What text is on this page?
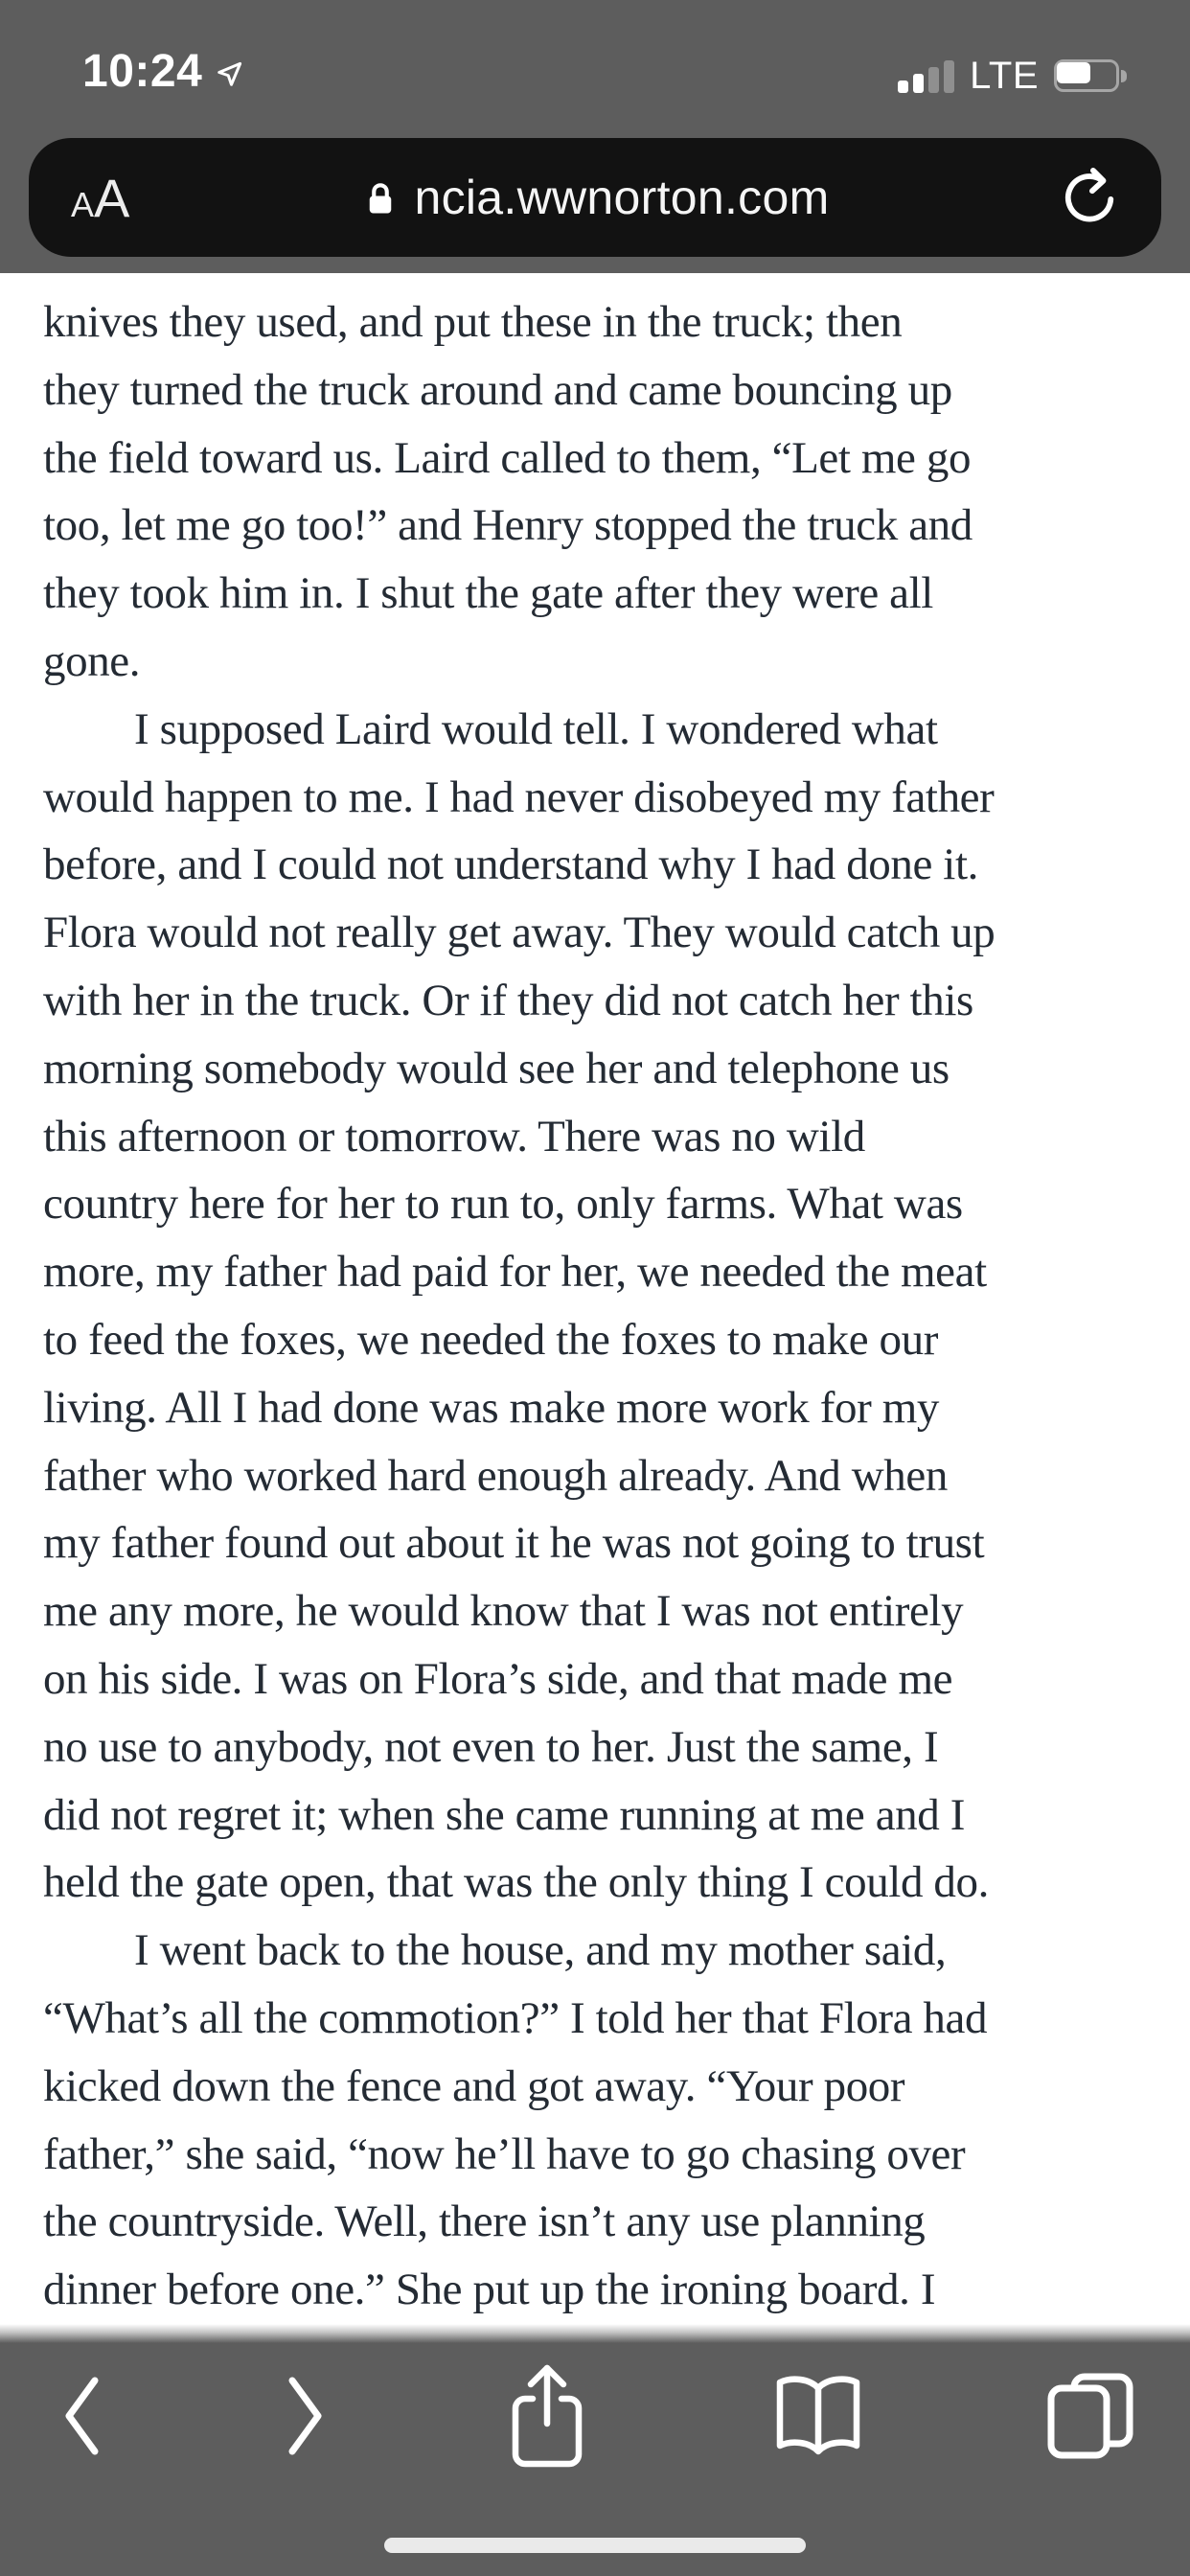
10:24	LTE
A A	ncia.wwnorton.com
knives they used, and put these in the truck; then
they turned the truck around and came bouncing up
the field toward us. Laird called to them, “Let me go
too, let me go too!” and Henry stopped the truck and
they took him in. I shut the gate after they were all
gone.
I supposed Laird would tell. I wondered what
would happen to me. I had never disobeyed my father
before, and I could not understand why I had done it.
Flora would not really get away. They would catch up
with her in the truck. Or if they did not catch her this
morning somebody would see her and telephone us
this afternoon or tomorrow. There was no wild
country here for her to run to, only farms. What was
more, my father had paid for her, we needed the meat
to feed the foxes, we needed the foxes to make our
living. All I had done was make more work for my
father who worked hard enough already. And when
my father found out about it he was not going to trust
me any more, he would know that I was not entirely
on his side. I was on Flora’s side, and that made me
no use to anybody, not even to her. Just the same, I
did not regret it; when she came running at me and I
held the gate open, that was the only thing I could do.
I went back to the house, and my mother said,
“What’s all the commotion?” I told her that Flora had
kicked down the fence and got away. “Your poor
father,” she said, “now he’ll have to go chasing over
the countryside. Well, there isn’t any use planning
dinner before one.” She put up the ironing board. I
